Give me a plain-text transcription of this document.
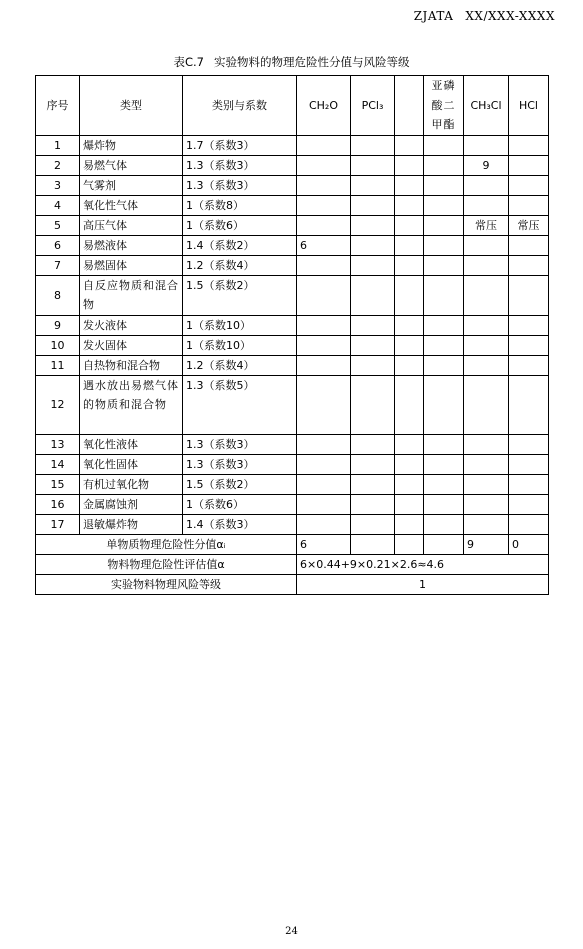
ZJATA XX/XXX-XXXX
表C.7 实验物料的物理危险性分值与风险等级
序号	类型	类别与系数	CH₂O	PCl₃		亚磷酸二甲酯	CH₃Cl	HCl
1	爆炸物	1.7（系数3）						
2	易燃气体	1.3（系数3）					9	
3	气雾剂	1.3（系数3）						
4	氧化性气体	1（系数8）						
5	高压气体	1（系数6）					常压	常压
6	易燃液体	1.4（系数2）	6					
7	易燃固体	1.2（系数4）						
8	自反应物质和混合物	1.5（系数2）						
9	发火液体	1（系数10）						
10	发火固体	1（系数10）						
11	自热物和混合物	1.2（系数4）						
12	遇水放出易燃气体的物质和混合物	1.3（系数5）						
13	氧化性液体	1.3（系数3）						
14	氧化性固体	1.3（系数3）						
15	有机过氧化物	1.5（系数2）						
16	金属腐蚀剂	1（系数6）						
17	退敏爆炸物	1.4（系数3）						
单物质物理危险性分值αᵢ			6				9	0
物料物理危险性评估值α			6×0.44+9×0.21×2.6≈4.6					
实验物料物理风险等级			1					
24
